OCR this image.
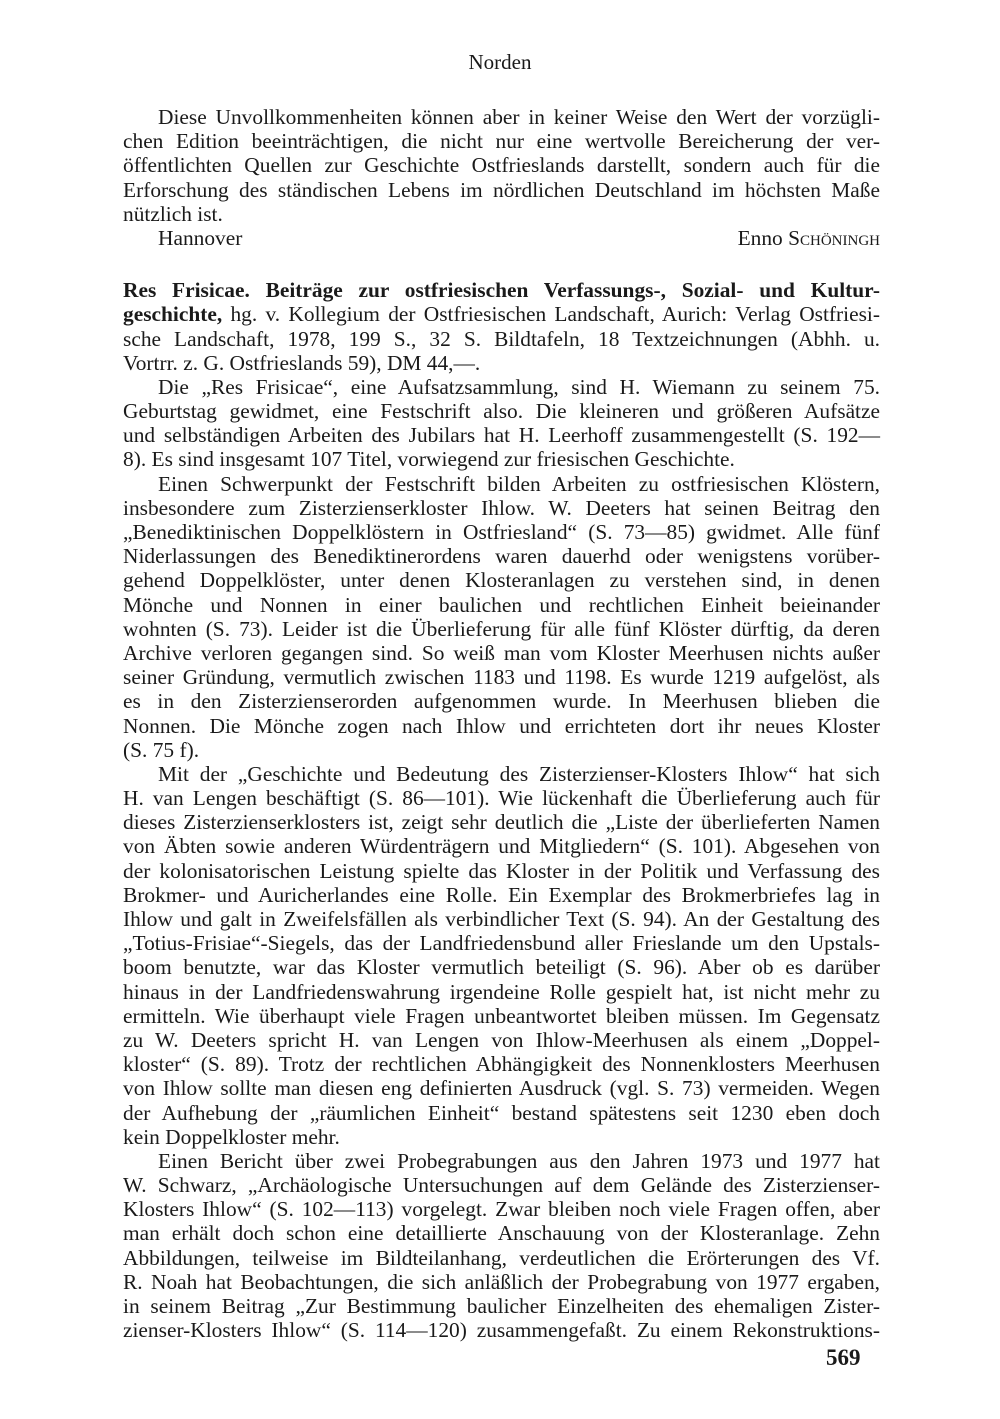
Norden
Diese Unvollkommenheiten können aber in keiner Weise den Wert der vorzügli-
chen Edition beeinträchtigen, die nicht nur eine wertvolle Bereicherung der ver-
öffentlichten Quellen zur Geschichte Ostfrieslands darstellt, sondern auch für die
Erforschung des ständischen Lebens im nördlichen Deutschland im höchsten Maße
nützlich ist.
Hannover	Enno Schöningh
Res Frisicae. Beiträge zur ostfriesischen Verfassungs-, Sozial- und Kultur-
geschichte, hg. v. Kollegium der Ostfriesischen Landschaft, Aurich: Verlag Ostfriesi-
sche Landschaft, 1978, 199 S., 32 S. Bildtafeln, 18 Textzeichnungen (Abhh. u.
Vortrr. z. G. Ostfrieslands 59), DM 44,—.
Die „Res Frisicae“, eine Aufsatzsammlung, sind H. Wiemann zu seinem 75.
Geburtstag gewidmet, eine Festschrift also. Die kleineren und größeren Aufsätze
und selbständigen Arbeiten des Jubilars hat H. Leerhoff zusammengestellt (S. 192—
8). Es sind insgesamt 107 Titel, vorwiegend zur friesischen Geschichte.
Einen Schwerpunkt der Festschrift bilden Arbeiten zu ostfriesischen Klöstern,
insbesondere zum Zisterzienserkloster Ihlow. W. Deeters hat seinen Beitrag den
„Benediktinischen Doppelklöstern in Ostfriesland“ (S. 73—85) gwidmet. Alle fünf
Niderlassungen des Benediktinerordens waren dauerhd oder wenigstens vorüber-
gehend Doppelklöster, unter denen Klosteranlagen zu verstehen sind, in denen
Mönche und Nonnen in einer baulichen und rechtlichen Einheit beieinander
wohnten (S. 73). Leider ist die Überlieferung für alle fünf Klöster dürftig, da deren
Archive verloren gegangen sind. So weiß man vom Kloster Meerhusen nichts außer
seiner Gründung, vermutlich zwischen 1183 und 1198. Es wurde 1219 aufgelöst, als
es in den Zisterzienserorden aufgenommen wurde. In Meerhusen blieben die
Nonnen. Die Mönche zogen nach Ihlow und errichteten dort ihr neues Kloster
(S. 75 f).
Mit der „Geschichte und Bedeutung des Zisterzienser-Klosters Ihlow“ hat sich
H. van Lengen beschäftigt (S. 86—101). Wie lückenhaft die Überlieferung auch für
dieses Zisterzienserklosters ist, zeigt sehr deutlich die „Liste der überlieferten Namen
von Äbten sowie anderen Würdenträgern und Mitgliedern“ (S. 101). Abgesehen von
der kolonisatorischen Leistung spielte das Kloster in der Politik und Verfassung des
Brokmer- und Auricherlandes eine Rolle. Ein Exemplar des Brokmerbriefes lag in
Ihlow und galt in Zweifelsfällen als verbindlicher Text (S. 94). An der Gestaltung des
„Totius-Frisiae“-Siegels, das der Landfriedensbund aller Frieslande um den Upstals-
boom benutzte, war das Kloster vermutlich beteiligt (S. 96). Aber ob es darüber
hinaus in der Landfriedenswahrung irgendeine Rolle gespielt hat, ist nicht mehr zu
ermitteln. Wie überhaupt viele Fragen unbeantwortet bleiben müssen. Im Gegensatz
zu W. Deeters spricht H. van Lengen von Ihlow-Meerhusen als einem „Doppel-
kloster“ (S. 89). Trotz der rechtlichen Abhängigkeit des Nonnenklosters Meerhusen
von Ihlow sollte man diesen eng definierten Ausdruck (vgl. S. 73) vermeiden. Wegen
der Aufhebung der „räumlichen Einheit“ bestand spätestens seit 1230 eben doch
kein Doppelkloster mehr.
Einen Bericht über zwei Probegrabungen aus den Jahren 1973 und 1977 hat
W. Schwarz, „Archäologische Untersuchungen auf dem Gelände des Zisterzienser-
Klosters Ihlow“ (S. 102—113) vorgelegt. Zwar bleiben noch viele Fragen offen, aber
man erhält doch schon eine detaillierte Anschauung von der Klosteranlage. Zehn
Abbildungen, teilweise im Bildteilanhang, verdeutlichen die Erörterungen des Vf.
R. Noah hat Beobachtungen, die sich anläßlich der Probegrabung von 1977 ergaben,
in seinem Beitrag „Zur Bestimmung baulicher Einzelheiten des ehemaligen Zister-
zienser-Klosters Ihlow“ (S. 114—120) zusammengefaßt. Zu einem Rekonstruktions-
569
